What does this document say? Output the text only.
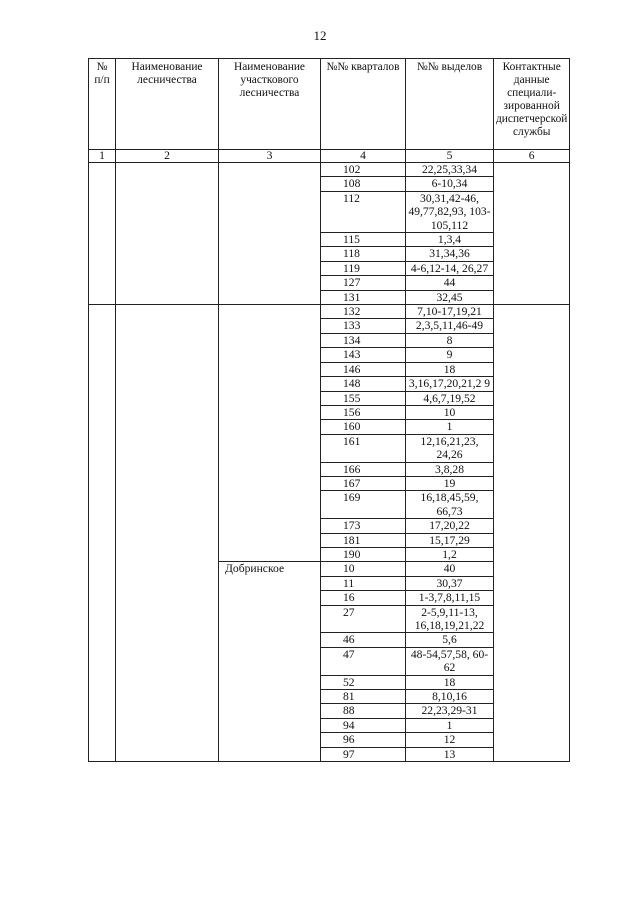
12
№ п/п	Наименование лесничества	Наименование участкового лесничества	№№ кварталов	№№ выделов	Контактные данные специали-зированной диспетчерской службы
1	2	3	4	5	6
			102	22,25,33,34	
			108	6-10,34	
			112	30,31,42-46, 49,77,82,93, 103-105,112	
			115	1,3,4	
			118	31,34,36	
			119	4-6,12-14, 26,27	
			127	44	
			131	32,45	
			132	7,10-17,19,21	
			133	2,3,5,11,46-49	
			134	8	
			143	9	
			146	18	
			148	3,16,17,20,21,2 9	
			155	4,6,7,19,52	
			156	10	
			160	1	
			161	12,16,21,23, 24,26	
			166	3,8,28	
			167	19	
			169	16,18,45,59, 66,73	
			173	17,20,22	
			181	15,17,29	
			190	1,2	
		Добринское	10	40	
			11	30,37	
			16	1-3,7,8,11,15	
			27	2-5,9,11-13, 16,18,19,21,22	
			46	5,6	
			47	48-54,57,58, 60-62	
			52	18	
			81	8,10,16	
			88	22,23,29-31	
			94	1	
			96	12	
			97	13	
